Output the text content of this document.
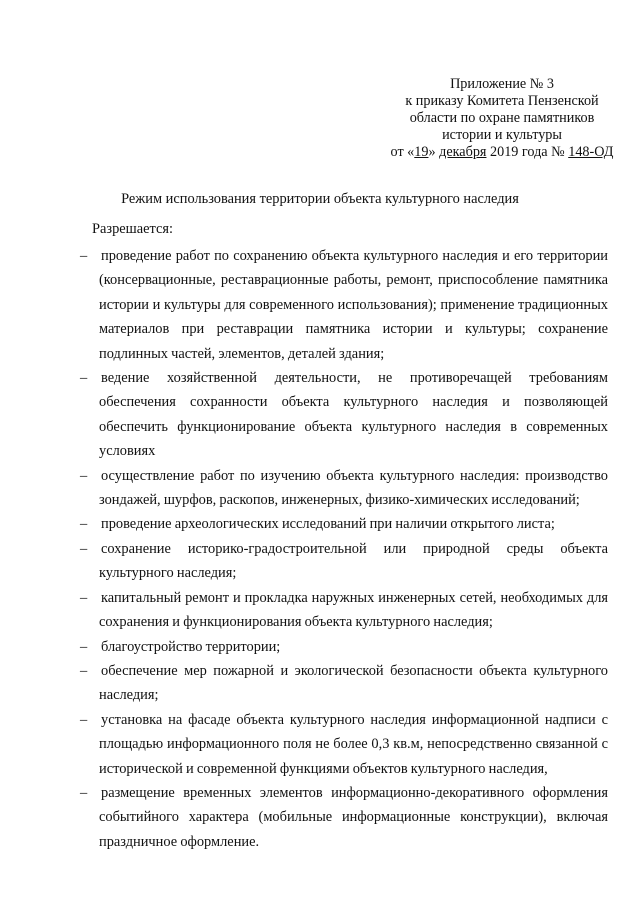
Приложение № 3
к приказу Комитета Пензенской
области по охране памятников
истории и культуры
от «19» декабря 2019 года № 148-ОД
Режим использования территории объекта культурного наследия
Разрешается:
– проведение работ по сохранению объекта культурного наследия и его территории (консервационные, реставрационные работы, ремонт, приспособление памятника истории и культуры для современного использования); применение традиционных материалов при реставрации памятника истории и культуры; сохранение подлинных частей, элементов, деталей здания;
– ведение хозяйственной деятельности, не противоречащей требованиям обеспечения сохранности объекта культурного наследия и позволяющей обеспечить функционирование объекта культурного наследия в современных условиях
– осуществление работ по изучению объекта культурного наследия: производство зондажей, шурфов, раскопов, инженерных, физико-химических исследований;
– проведение археологических исследований при наличии открытого листа;
– сохранение историко-градостроительной или природной среды объекта культурного наследия;
– капитальный ремонт и прокладка наружных инженерных сетей, необходимых для сохранения и функционирования объекта культурного наследия;
– благоустройство территории;
– обеспечение мер пожарной и экологической безопасности объекта культурного наследия;
– установка на фасаде объекта культурного наследия информационной надписи с площадью информационного поля не более 0,3 кв.м, непосредственно связанной с исторической и современной функциями объектов культурного наследия,
– размещение временных элементов информационно-декоративного оформления событийного характера (мобильные информационные конструкции), включая праздничное оформление.
